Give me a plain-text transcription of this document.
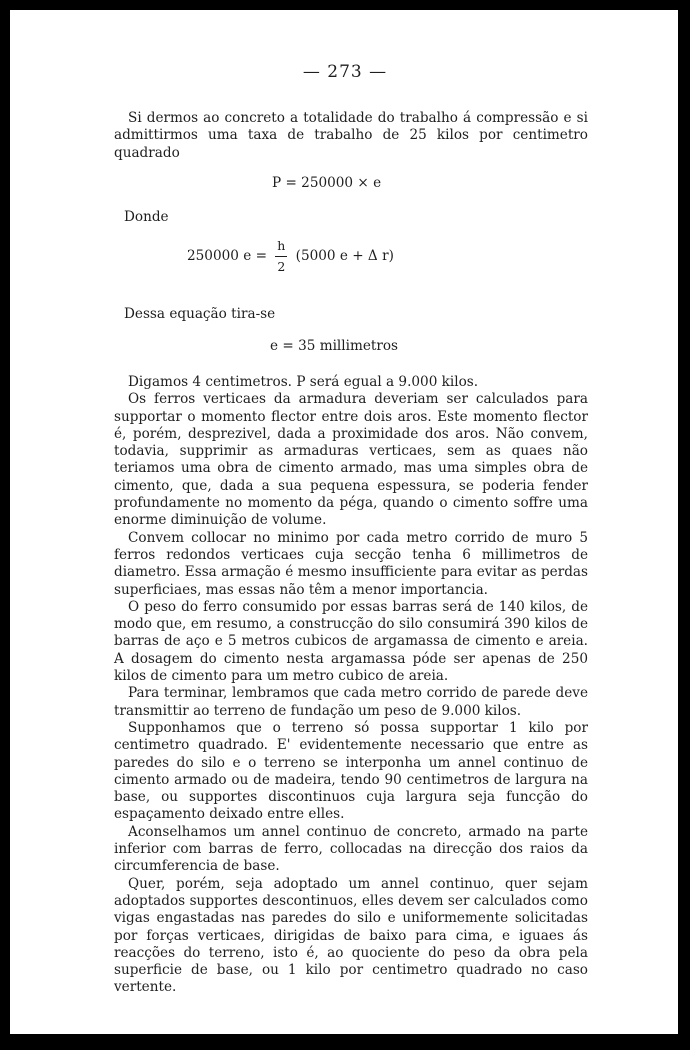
— 273 —

Si dermos ao concreto a totalidade do trabalho á compressão e si admittirmos uma taxa de trabalho de 25 kilos por centimetro quadrado

P = 250000 × e
Donde
250000 $e = \frac{h}{2} (5000$ e + Δ r)
Dessa equação tira-se
e = 35 millimetros

Digamos 4 centimetros. P será egual a 9.000 kilos.

Os ferros verticaes da armadura deveriam ser calculados para supportar o momento flector entre dois aros. Este momento flector é, porém, desprezivel, dada a proximidade dos aros. Não convem, todavia, supprimir as armaduras verticaes, sem as quaes não teriamos uma obra de cimento armado, mas uma simples obra de cimento, que, dada a sua pequena espessura, se poderia fender profundamente no momento da péga, quando o cimento soffre uma enorme diminuição de volume.

Convem collocar no minimo por cada metro corrido de muro 5 ferros redondos verticaes cuja secção tenha 6 millimetros de diametro. Essa armação é mesmo insufficiente para evitar as perdas superficiaes, mas essas não têm a menor importancia.

O peso do ferro consumido por essas barras será de 140 kilos, de modo que, em resumo, a construcção do silo consumirá 390 kilos de barras de aço e 5 metros cubicos de argamassa de cimento e areia. A dosagem do cimento nesta argamassa póde ser apenas de 250 kilos de cimento para um metro cubico de areia.

Para terminar, lembramos que cada metro corrido de parede deve transmittir ao terreno de fundação um peso de 9.000 kilos.

Supponhamos que o terreno só possa supportar 1 kilo por centimetro quadrado. E' evidentemente necessario que entre as paredes do silo e o terreno se interponha um annel continuo de cimento armado ou de madeira, tendo 90 centimetros de largura na base, ou supportes discontinuos cuja largura seja funcção do espaçamento deixado entre elles.

Aconselhamos um annel continuo de concreto, armado na parte inferior com barras de ferro, collocadas na direcção dos raios da circumferencia de base.

Quer, porém, seja adoptado um annel continuo, quer sejam adoptados supportes descontinuos, elles devem ser calculados como vigas engastadas nas paredes do silo e uniformemente solicitadas por forças verticaes, dirigidas de baixo para cima, e iguaes ás reacções do terreno, isto é, ao quociente do peso da obra pela superficie de base, ou 1 kilo por centimetro quadrado no caso vertente.
